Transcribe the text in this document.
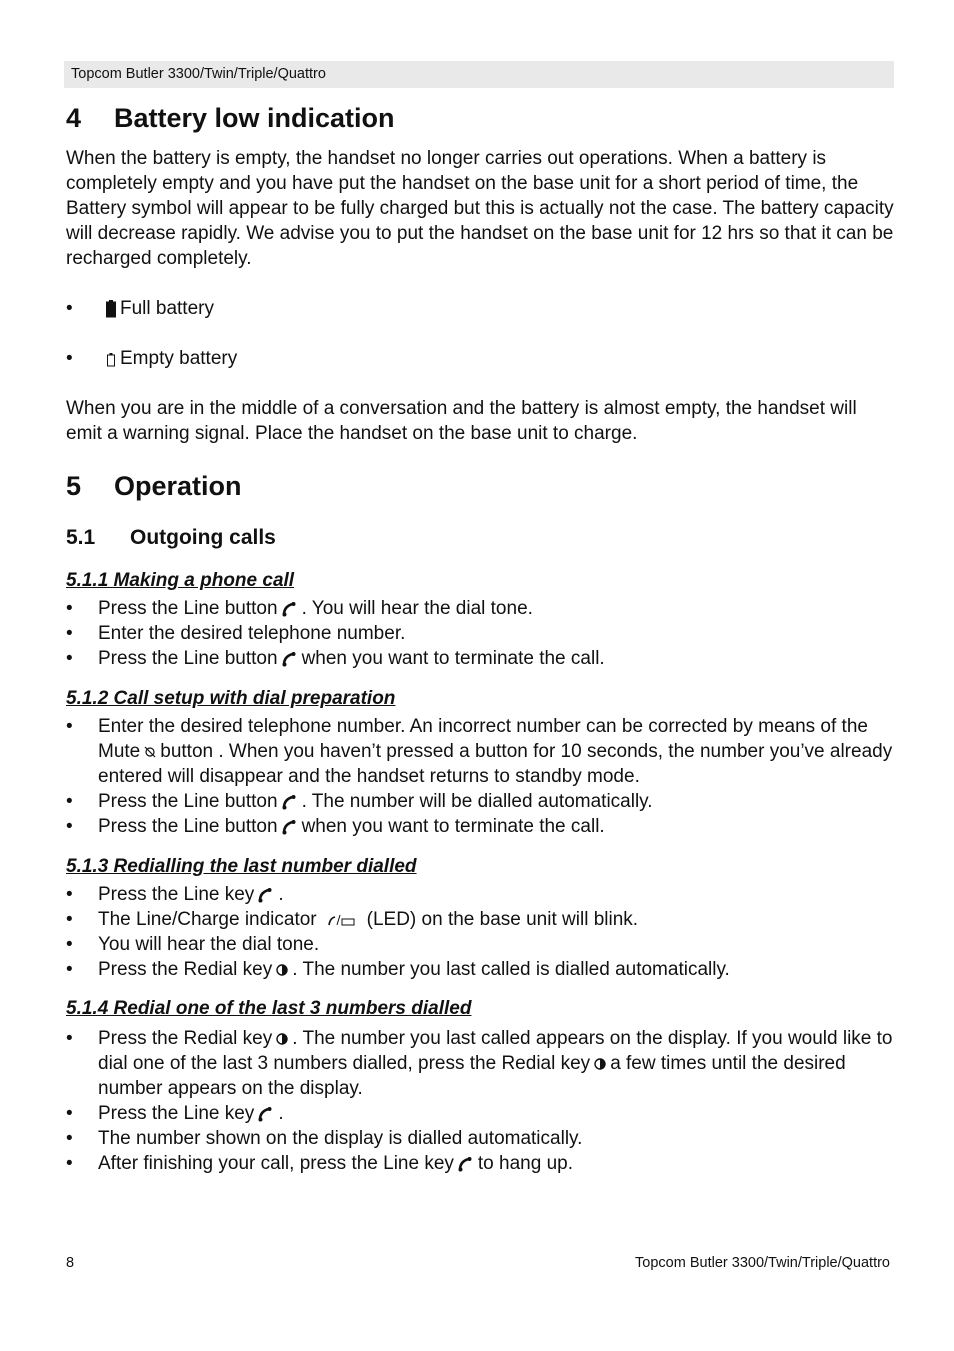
Topcom Butler 3300/Twin/Triple/Quattro
4 Battery low indication

When the battery is empty, the handset no longer carries out operations. When a battery is completely empty and you have put the handset on the base unit for a short period of time, the Battery symbol will appear to be fully charged but this is actually not the case. The battery capacity will decrease rapidly. We advise you to put the handset on the base unit for 12 hrs so that it can be recharged completely.

• Full battery
• Empty battery

When you are in the middle of a conversation and the battery is almost empty, the handset will emit a warning signal. Place the handset on the base unit to charge.

5 Operation
5.1 Outgoing calls
5.1.1 Making a phone call
• Press the Line button . You will hear the dial tone.
• Enter the desired telephone number.
• Press the Line button when you want to terminate the call.
5.1.2 Call setup with dial preparation
• Enter the desired telephone number. An incorrect number can be corrected by means of the Mute button . When you haven’t pressed a button for 10 seconds, the number you’ve already entered will disappear and the handset returns to standby mode.
• Press the Line button . The number will be dialled automatically.
• Press the Line button when you want to terminate the call.
5.1.3 Redialling the last number dialled
• Press the Line key .
• The Line/Charge indicator	(LED) on the base unit will blink.
• You will hear the dial tone.
• Press the Redial key . The number you last called is dialled automatically.
5.1.4 Redial one of the last 3 numbers dialled
• Press the Redial key . The number you last called appears on the display. If you would like to dial one of the last 3 numbers dialled, press the Redial key a few times until the desired number appears on the display.
• Press the Line key .
• The number shown on the display is dialled automatically.
• After finishing your call, press the Line key to hang up.
8	Topcom Butler 3300/Twin/Triple/Quattro
